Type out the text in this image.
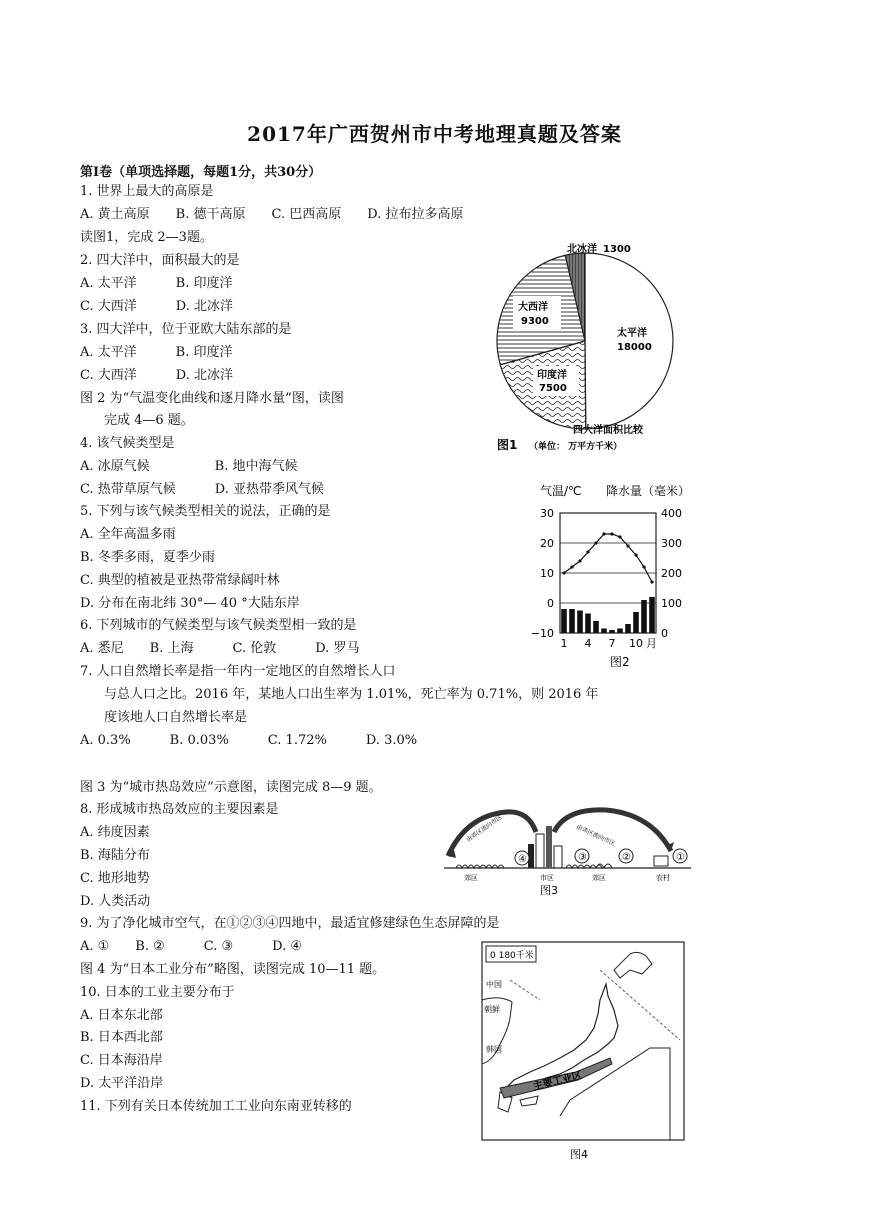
2017年广西贺州市中考地理真题及答案
第Ⅰ卷（单项选择题，每题1分，共30分）
1. 世界上最大的高原是
A. 黄土高原　　B. 德干高原　　C. 巴西高原　　D. 拉布拉多高原
读图1，完成 2—3题。
2. 四大洋中，面积最大的是
A. 太平洋　　　B. 印度洋
C. 大西洋　　　D. 北冰洋
3. 四大洋中，位于亚欧大陆东部的是
A. 太平洋　　　B. 印度洋
C. 大西洋　　　D. 北冰洋
图 2 为“气温变化曲线和逐月降水量”图，读图
完成 4—6 题。
4. 该气候类型是
A. 冰原气候　　　　　B. 地中海气候
C. 热带草原气候　　　D. 亚热带季风气候
5. 下列与该气候类型相关的说法，正确的是
A. 全年高温多雨
B. 冬季多雨，夏季少雨
C. 典型的植被是亚热带常绿阔叶林
D. 分布在南北纬 30°— 40 °大陆东岸
6. 下列城市的气候类型与该气候类型相一致的是
A. 悉尼　　B. 上海　　　C. 伦敦　　　D. 罗马
7. 人口自然增长率是指一年内一定地区的自然增长人口
与总人口之比。2016 年，某地人口出生率为 1.01%，死亡率为 0.71%，则 2016 年
度该地人口自然增长率是
A. 0.3%　　　B. 0.03%　　　C. 1.72%　　　D. 3.0%
图 3 为“城市热岛效应”示意图，读图完成 8—9 题。
8. 形成城市热岛效应的主要因素是
A. 纬度因素
B. 海陆分布
C. 地形地势
D. 人类活动
9. 为了净化城市空气，在①②③④四地中，最适宜修建绿色生态屏障的是
A. ①　　B. ②　　　C. ③　　　D. ④
图 4 为“日本工业分布”略图，读图完成 10—11 题。
10. 日本的工业主要分布于
A. 日本东北部
B. 日本西北部
C. 日本海沿岸
D. 太平洋沿岸
11. 下列有关日本传统加工工业向东南亚转移的
北冰洋 1300
大西洋
9300
太平洋
18000
印度洋
7500
四大洋面积比较
图1 （单位： 万平方千米）
气温/℃ 降水量（毫米）
30	400
20	300
10	200
0	100
−10	0
1 4 7 10 月
图2
由郊区流向市区	由郊区流向市区
④	③	②	①
郊区	市区	郊区	农村
图3
0 180千米
中国
朝鲜
韩国
主要工业区
图4
